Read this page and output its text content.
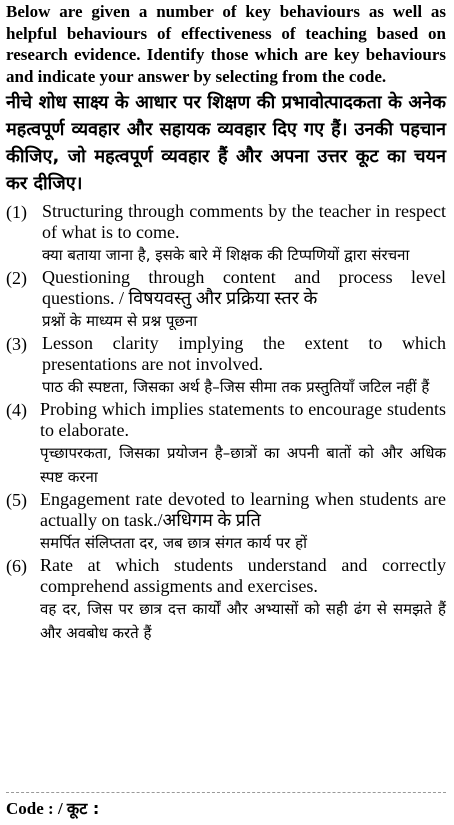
Below are given a number of key behaviours as well as helpful behaviours of effectiveness of teaching based on research evidence. Identify those which are key behaviours and indicate your answer by selecting from the code.

नीचे शोध साक्ष्य के आधार पर शिक्षण की प्रभावोत्पादकता के अनेक महत्वपूर्ण व्यवहार और सहायक व्यवहार दिए गए हैं। उनकी पहचान कीजिए, जो महत्वपूर्ण व्यवहार हैं और अपना उत्तर कूट का चयन कर दीजिए।

(1) Structuring through comments by the teacher in respect of what is to come.
क्या बताया जाना है, इसके बारे में शिक्षक की टिप्पणियों द्वारा संरचना
(2) Questioning through content and process level questions. / विषयवस्तु और प्रक्रिया स्तर के
प्रश्नों के माध्यम से प्रश्न पूछना
(3) Lesson clarity implying the extent to which presentations are not involved.
पाठ की स्पष्टता, जिसका अर्थ है–जिस सीमा तक प्रस्तुतियाँ जटिल नहीं हैं
(4) Probing which implies statements to encourage students to elaborate.
पृच्छापरकता, जिसका प्रयोजन है–छात्रों का अपनी बातों को और अधिक स्पष्ट करना
(5) Engagement rate devoted to learning when students are actually on task./अधिगम के प्रति
समर्पित संलिप्तता दर, जब छात्र संगत कार्य पर हों
(6) Rate at which students understand and correctly comprehend assigments and exercises.
वह दर, जिस पर छात्र दत्त कार्यों और अभ्यासों को सही ढंग से समझते हैं और अवबोध करते हैं
Code : / कूट :
